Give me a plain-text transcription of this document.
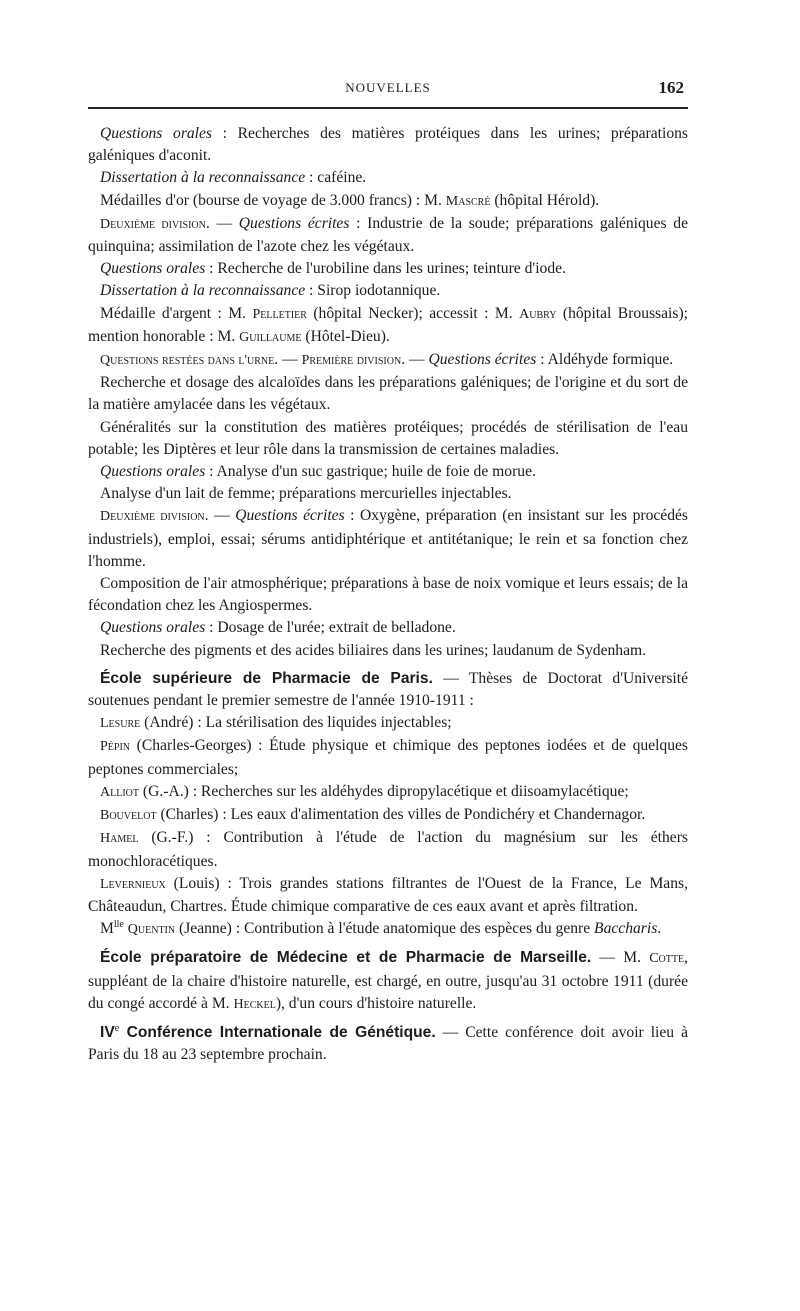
NOUVELLES	162

Questions orales : Recherches des matières protéiques dans les urines; préparations galéniques d'aconit.

Dissertation à la reconnaissance : caféine.

Médailles d'or (bourse de voyage de 3.000 francs) : M. Mascré (hôpital Hérold).

Deuxième division. — Questions écrites : Industrie de la soude; préparations galéniques de quinquina; assimilation de l'azote chez les végétaux.

Questions orales : Recherche de l'urobiline dans les urines; teinture d'iode.

Dissertation à la reconnaissance : Sirop iodotannique.

Médaille d'argent : M. Pelletier (hôpital Necker); accessit : M. Aubry (hôpital Broussais); mention honorable : M. Guillaume (Hôtel-Dieu).

Questions restées dans l'urne. — Première division. — Questions écrites : Aldéhyde formique.

Recherche et dosage des alcaloïdes dans les préparations galéniques; de l'origine et du sort de la matière amylacée dans les végétaux.

Généralités sur la constitution des matières protéiques; procédés de stérilisation de l'eau potable; les Diptères et leur rôle dans la transmission de certaines maladies.

Questions orales : Analyse d'un suc gastrique; huile de foie de morue.

Analyse d'un lait de femme; préparations mercurielles injectables.

Deuxième division. — Questions écrites : Oxygène, préparation (en insistant sur les procédés industriels), emploi, essai; sérums antidiphtérique et antitétanique; le rein et sa fonction chez l'homme.

Composition de l'air atmosphérique; préparations à base de noix vomique et leurs essais; de la fécondation chez les Angiospermes.

Questions orales : Dosage de l'urée; extrait de belladone.

Recherche des pigments et des acides biliaires dans les urines; laudanum de Sydenham.

École supérieure de Pharmacie de Paris. — Thèses de Doctorat d'Université soutenues pendant le premier semestre de l'année 1910-1911 :

Lesure (André) : La stérilisation des liquides injectables;

Pépin (Charles-Georges) : Étude physique et chimique des peptones iodées et de quelques peptones commerciales;

Alliot (G.-A.) : Recherches sur les aldéhydes dipropylacétique et diisoamylacétique;

Bouvelot (Charles) : Les eaux d'alimentation des villes de Pondichéry et Chandernagor.

Hamel (G.-F.) : Contribution à l'étude de l'action du magnésium sur les éthers monochloracétiques.

Levernieux (Louis) : Trois grandes stations filtrantes de l'Ouest de la France, Le Mans, Châteaudun, Chartres. Étude chimique comparative de ces eaux avant et après filtration.

$M^{lle}$ Quentin (Jeanne) : Contribution à l'étude anatomique des espèces du genre Baccharis.

École préparatoire de Médecine et de Pharmacie de Marseille. — M. Cotte, suppléant de la chaire d'histoire naturelle, est chargé, en outre, jusqu'au 31 octobre 1911 (durée du congé accordé à M. Heckel), d'un cours d'histoire naturelle.

IVe Conférence Internationale de Génétique. — Cette conférence doit avoir lieu à Paris du 18 au 23 septembre prochain.
